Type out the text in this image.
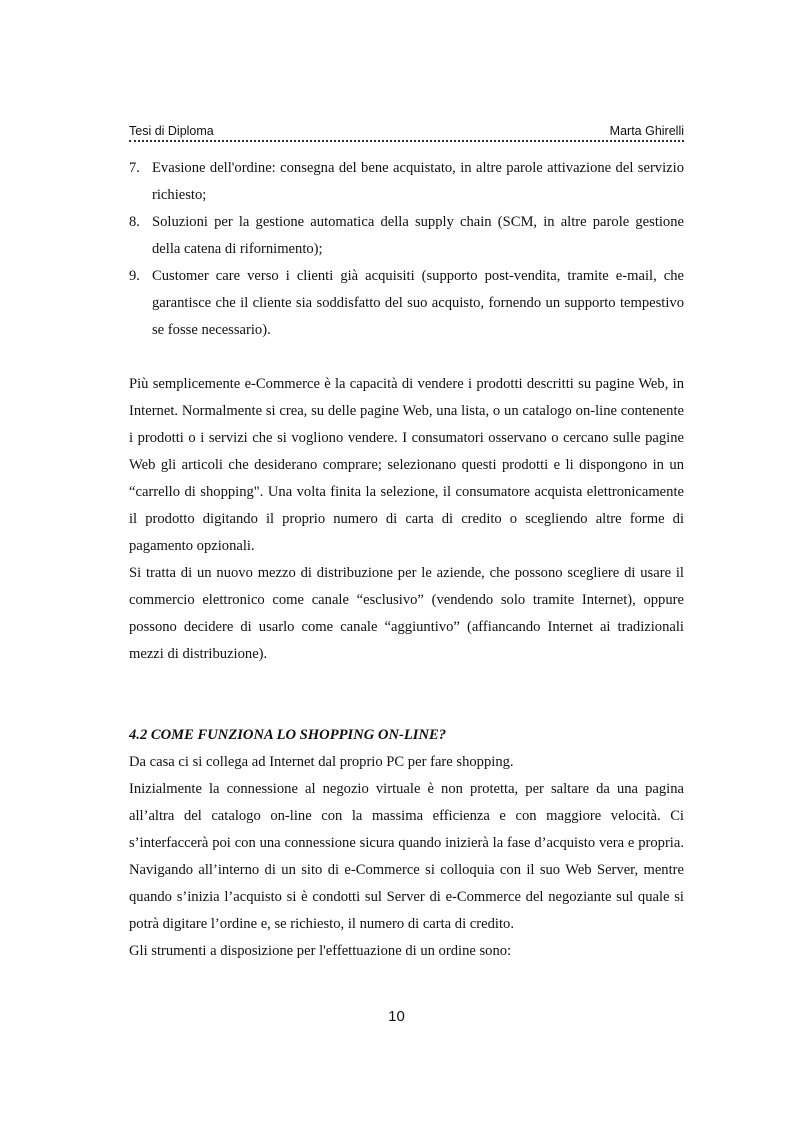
Tesi di Diploma	Marta Ghirelli
7. Evasione dell'ordine: consegna del bene acquistato, in altre parole attivazione del servizio richiesto;
8. Soluzioni per la gestione automatica della supply chain (SCM, in altre parole gestione della catena di rifornimento);
9. Customer care verso i clienti già acquisiti (supporto post-vendita, tramite e-mail, che garantisce che il cliente sia soddisfatto del suo acquisto, fornendo un supporto tempestivo se fosse necessario).

Più semplicemente e-Commerce è la capacità di vendere i prodotti descritti su pagine Web, in Internet. Normalmente si crea, su delle pagine Web, una lista, o un catalogo on-line contenente i prodotti o i servizi che si vogliono vendere. I consumatori osservano o cercano sulle pagine Web gli articoli che desiderano comprare; selezionano questi prodotti e li dispongono in un “carrello di shopping". Una volta finita la selezione, il consumatore acquista elettronicamente il prodotto digitando il proprio numero di carta di credito o scegliendo altre forme di pagamento opzionali.

Si tratta di un nuovo mezzo di distribuzione per le aziende, che possono scegliere di usare il commercio elettronico come canale “esclusivo” (vendendo solo tramite Internet), oppure possono decidere di usarlo come canale “aggiuntivo” (affiancando Internet ai tradizionali mezzi di distribuzione).

4.2 COME FUNZIONA LO SHOPPING ON-LINE?

Da casa ci si collega ad Internet dal proprio PC per fare shopping.

Inizialmente la connessione al negozio virtuale è non protetta, per saltare da una pagina all’altra del catalogo on-line con la massima efficienza e con maggiore velocità. Ci s’interfaccerà poi con una connessione sicura quando inizierà la fase d’acquisto vera e propria. Navigando all’interno di un sito di e-Commerce si colloquia con il suo Web Server, mentre quando s’inizia l’acquisto si è condotti sul Server di e-Commerce del negoziante sul quale si potrà digitare l’ordine e, se richiesto, il numero di carta di credito.

Gli strumenti a disposizione per l'effettuazione di un ordine sono:

10
